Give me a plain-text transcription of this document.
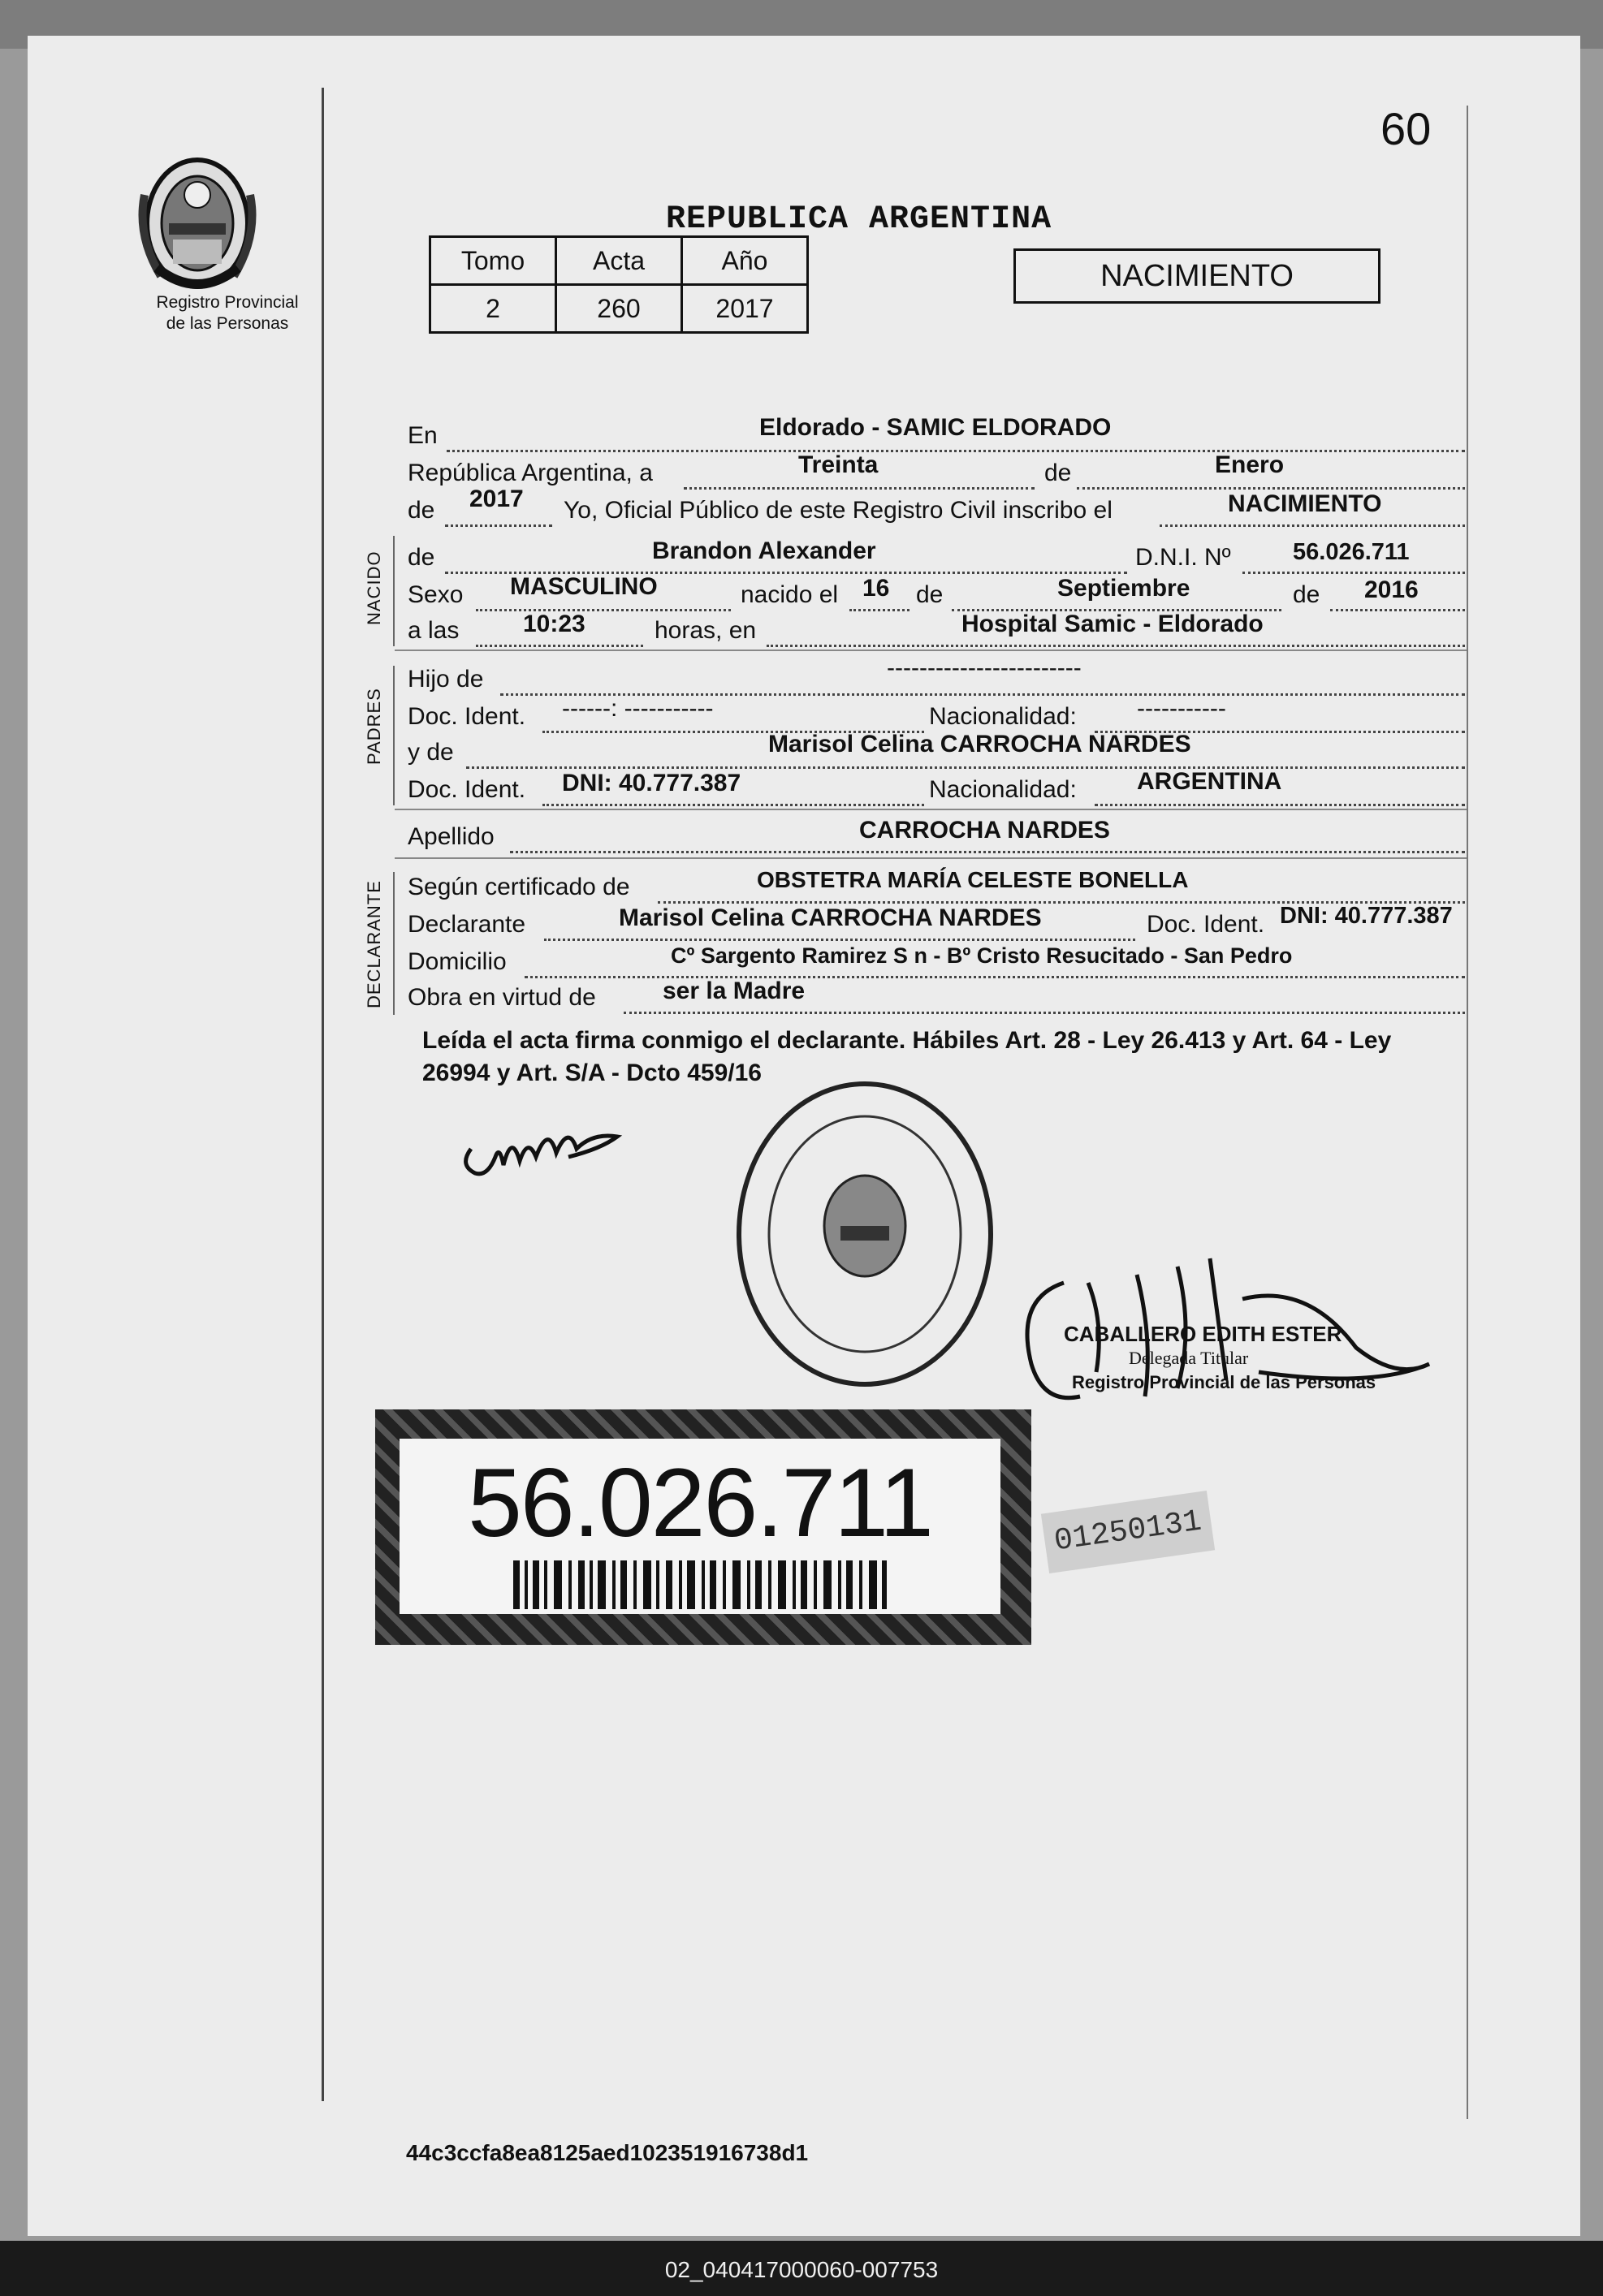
60
Registro Provincial
de las Personas
REPUBLICA ARGENTINA
Tomo	Acta	Año
2	260	2017
NACIMIENTO
En	Eldorado - SAMIC ELDORADO
República Argentina, a	Treinta	de	Enero
de 2017 Yo, Oficial Público de este Registro Civil inscribo el	NACIMIENTO
NACIDO de	Brandon Alexander	D.N.I. Nº	56.026.711
Sexo MASCULINO	nacido el 16 de	Septiembre	de 2016
a las	10:23	horas, en	Hospital Samic - Eldorado
PADRES
Hijo de	------------------------
Doc. Ident. ------: -----------	Nacionalidad: -----------
y de	Marisol Celina CARROCHA NARDES
Doc. Ident. DNI: 40.777.387	Nacionalidad: ARGENTINA
Apellido	CARROCHA NARDES
DECLARANTE Según certificado de	OBSTETRA MARÍA CELESTE BONELLA
Declarante	Marisol Celina CARROCHA NARDES	Doc. Ident. DNI: 40.777.387
Domicilio	Cº Sargento Ramirez S n - Bº Cristo Resucitado - San Pedro
Obra en virtud de	ser la Madre
Leída el acta firma conmigo el declarante. Hábiles Art. 28 - Ley 26.413 y Art. 64 - Ley 26994 y Art. S/A - Dcto 459/16
CABALLERO EDITH ESTER
Delegada Titular
Registro Provincial de las Personas
56.026.711	01250131
44c3ccfa8ea8125aed102351916738d1
02_040417000060-007753
